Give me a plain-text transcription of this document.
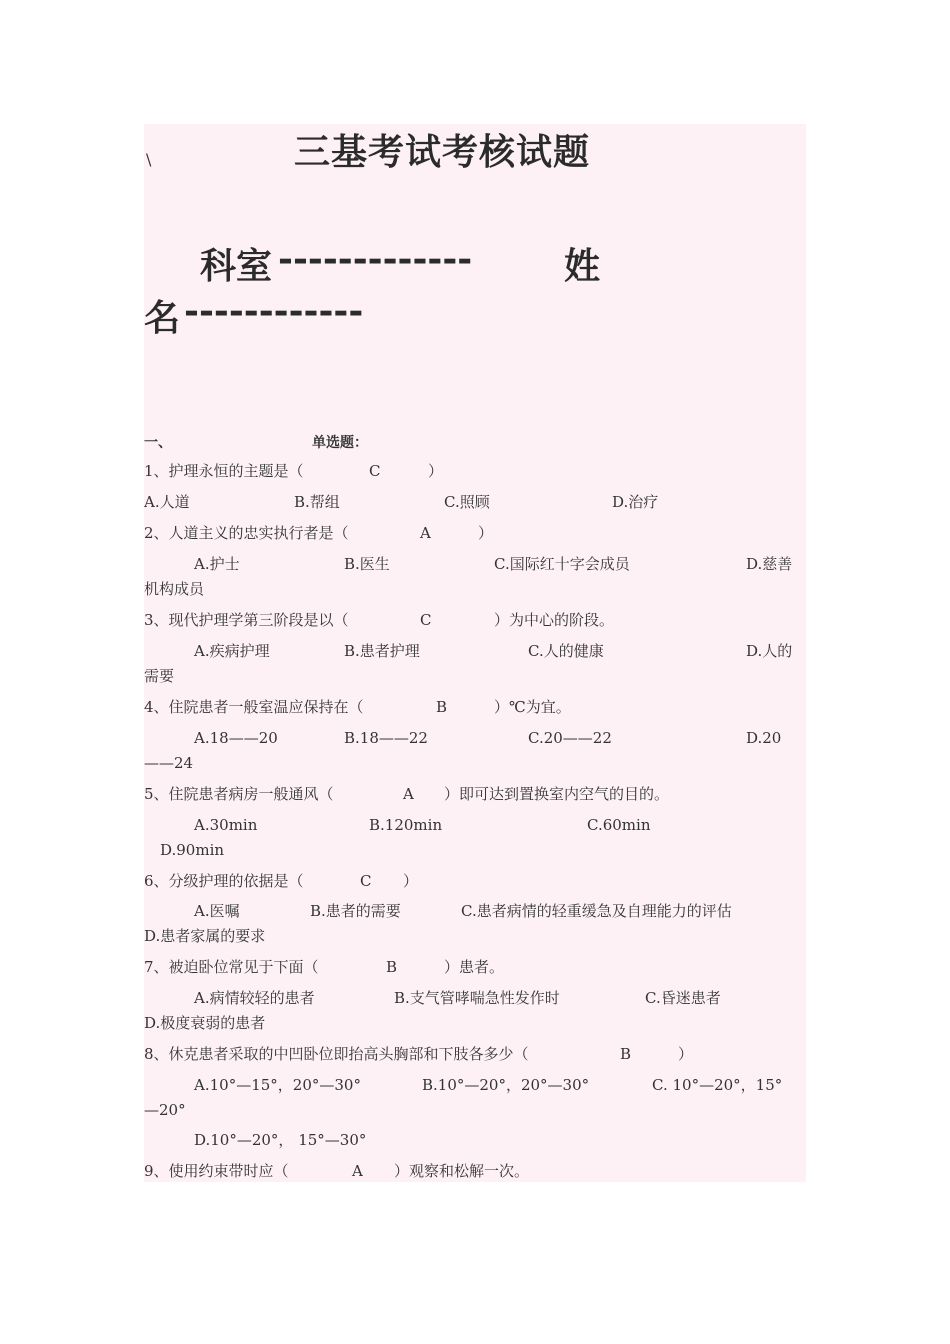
\	三基考试考核试题
科室 -------------	姓
名 ------------
一、	单选题：
1、护理永恒的主题是（	C	）
A.人道	B.帮组	C.照顾	D.治疗
2、人道主义的忠实执行者是（	A	）
A.护士	B.医生	C.国际红十字会成员	D.慈善
机构成员
3、现代护理学第三阶段是以（	C	）为中心的阶段。
A.疾病护理	B.患者护理	C.人的健康	D.人的
需要
4、住院患者一般室温应保持在（	B	）℃为宜。
A.18——20	B.18——22	C.20——22	D.20
——24
5、住院患者病房一般通风（	A ）即可达到置换室内空气的目的。
A.30min	B.120min	C.60min
D.90min
6、分级护理的依据是（	C ）
A.医嘱	B.患者的需要	C.患者病情的轻重缓急及自理能力的评估
D.患者家属的要求
7、被迫卧位常见于下面（	B	）患者。
A.病情较轻的患者	B.支气管哮喘急性发作时	C.昏迷患者
D.极度衰弱的患者
8、休克患者采取的中凹卧位即抬高头胸部和下肢各多少（	B	）
A.10°—15°，20°—30°	B.10°—20°，20°—30°	C. 10°—20°，15°
—20°
D.10°—20°， 15°—30°
9、使用约束带时应（	A ）观察和松解一次。
